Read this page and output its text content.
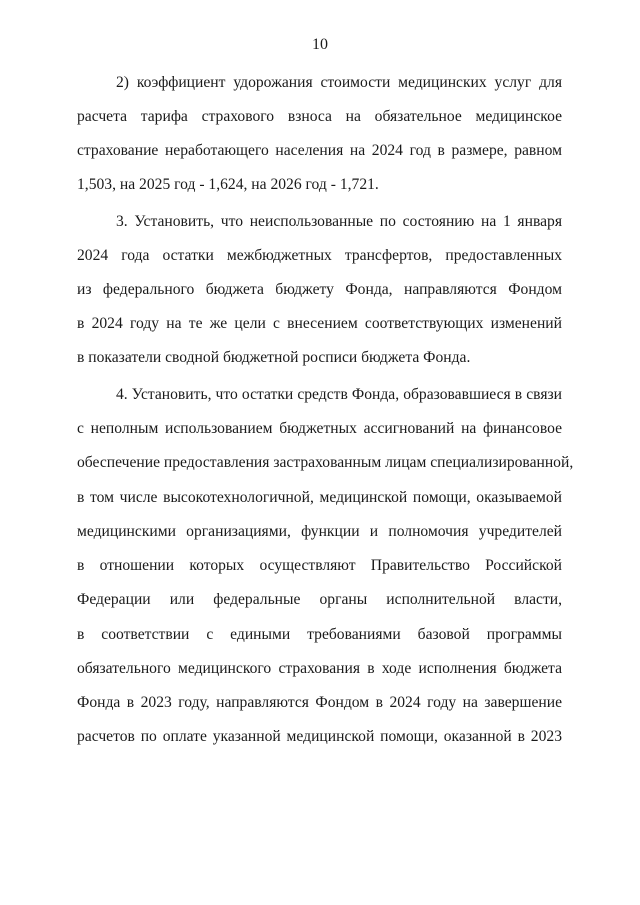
10
2) коэффициент удорожания стоимости медицинских услуг для
расчета тарифа страхового взноса на обязательное медицинское
страхование неработающего населения на 2024 год в размере, равном
1,503, на 2025 год - 1,624, на 2026 год - 1,721.
3. Установить, что неиспользованные по состоянию на 1 января
2024 года остатки межбюджетных трансфертов, предоставленных
из федерального бюджета бюджету Фонда, направляются Фондом
в 2024 году на те же цели с внесением соответствующих изменений
в показатели сводной бюджетной росписи бюджета Фонда.
4. Установить, что остатки средств Фонда, образовавшиеся в связи
с неполным использованием бюджетных ассигнований на финансовое
обеспечение предоставления застрахованным лицам специализированной,
в том числе высокотехнологичной, медицинской помощи, оказываемой
медицинскими организациями, функции и полномочия учредителей
в отношении которых осуществляют Правительство Российской
Федерации или федеральные органы исполнительной власти,
в соответствии с едиными требованиями базовой программы
обязательного медицинского страхования в ходе исполнения бюджета
Фонда в 2023 году, направляются Фондом в 2024 году на завершение
расчетов по оплате указанной медицинской помощи, оказанной в 2023
